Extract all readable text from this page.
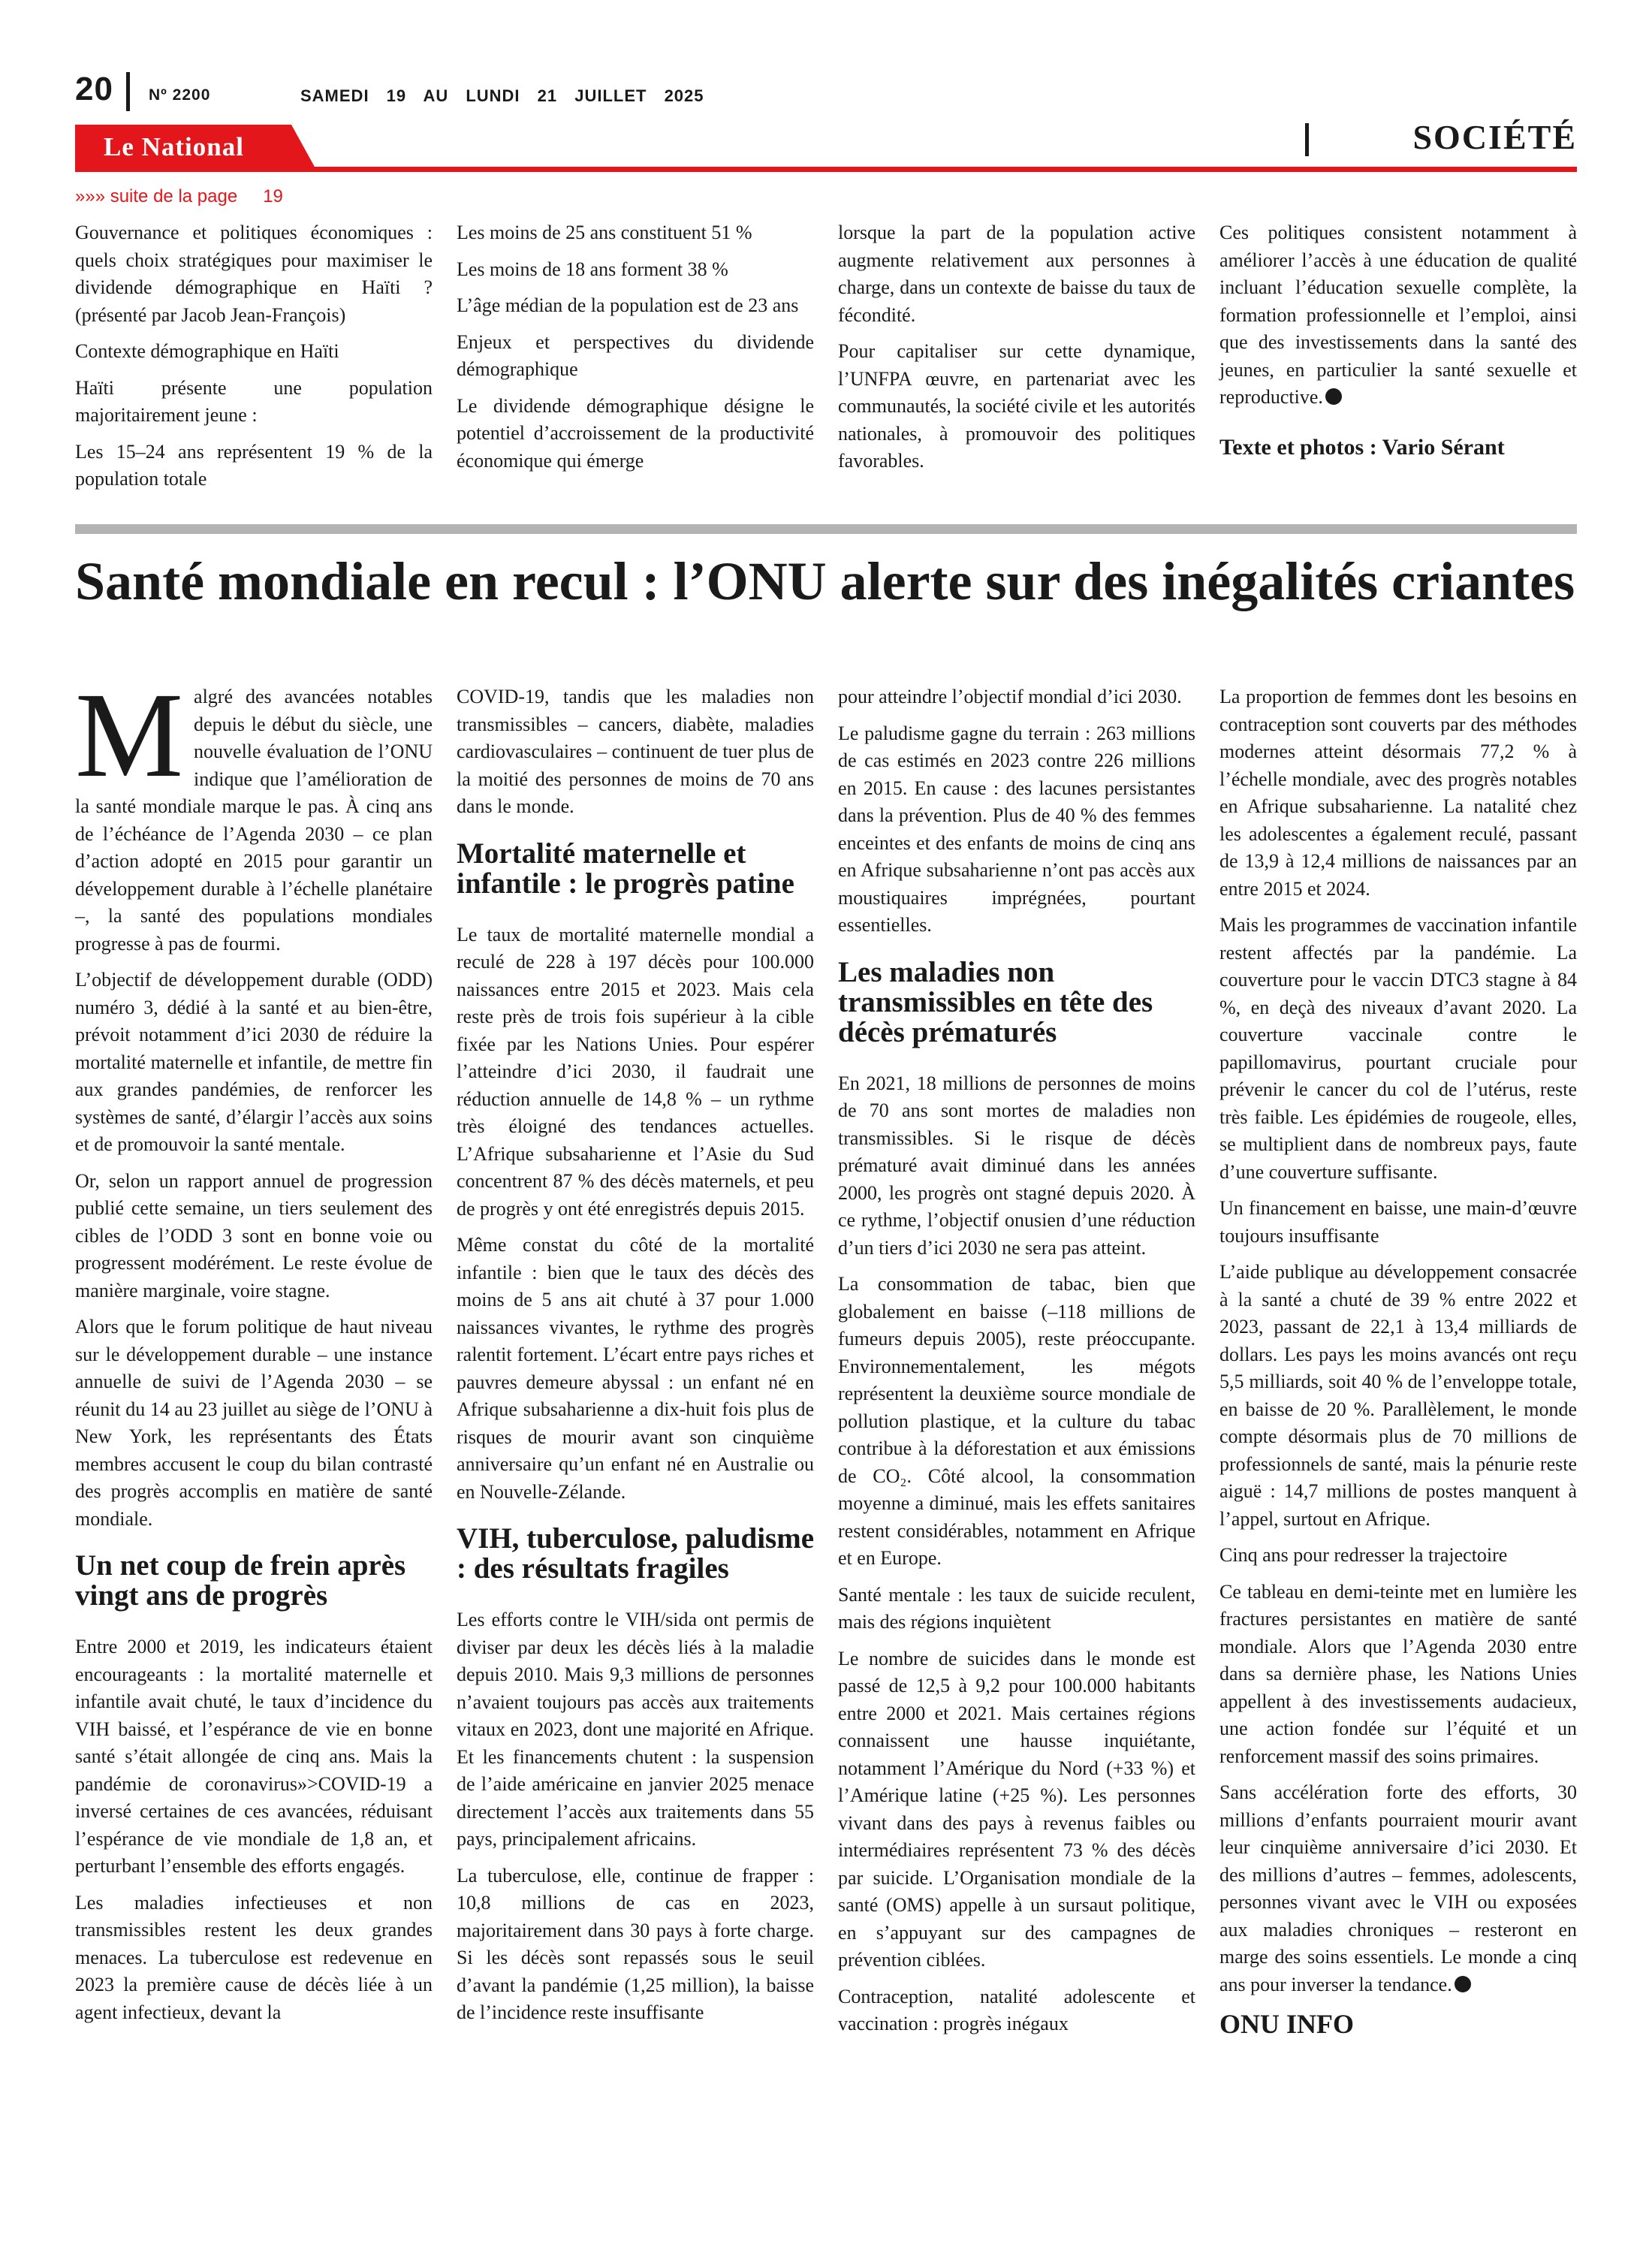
20 Nº 2200	SAMEDI 19 AU LUNDI 21 JUILLET 2025
SOCIÉTÉ
Le National
»»» suite de la page 19

Gouvernance et politiques économiques : quels choix stratégiques pour maximiser le dividende démographique en Haïti ? (présenté par Jacob Jean-François)

Contexte démographique en Haïti

Haïti présente une population majoritairement jeune :

Les 15–24 ans représentent 19 % de la population totale

Les moins de 25 ans constituent 51 %

Les moins de 18 ans forment 38 %

L’âge médian de la population est de 23 ans

Enjeux et perspectives du dividende démographique

Le dividende démographique désigne le potentiel d’accroissement de la productivité économique qui émerge

lorsque la part de la population active augmente relativement aux personnes à charge, dans un contexte de baisse du taux de fécondité.

Pour capitaliser sur cette dynamique, l’UNFPA œuvre, en partenariat avec les communautés, la société civile et les autorités nationales, à promouvoir des politiques favorables.

Ces politiques consistent notamment à améliorer l’accès à une éducation de qualité incluant l’éducation sexuelle complète, la formation professionnelle et l’emploi, ainsi que des investissements dans la santé des jeunes, en particulier la santé sexuelle et reproductive.

Texte et photos : Vario Sérant
Santé mondiale en recul : l’ONU alerte sur des inégalités criantes

Malgré des avancées notables depuis le début du siècle, une nouvelle évaluation de l’ONU indique que l’amélioration de la santé mondiale marque le pas. À cinq ans de l’échéance de l’Agenda 2030 – ce plan d’action adopté en 2015 pour garantir un développement durable à l’échelle planétaire –, la santé des populations mondiales progresse à pas de fourmi.

L’objectif de développement durable (ODD) numéro 3, dédié à la santé et au bien-être, prévoit notamment d’ici 2030 de réduire la mortalité maternelle et infantile, de mettre fin aux grandes pandémies, de renforcer les systèmes de santé, d’élargir l’accès aux soins et de promouvoir la santé mentale.

Or, selon un rapport annuel de progression publié cette semaine, un tiers seulement des cibles de l’ODD 3 sont en bonne voie ou progressent modérément. Le reste évolue de manière marginale, voire stagne.

Alors que le forum politique de haut niveau sur le développement durable – une instance annuelle de suivi de l’Agenda 2030 – se réunit du 14 au 23 juillet au siège de l’ONU à New York, les représentants des États membres accusent le coup du bilan contrasté des progrès accomplis en matière de santé mondiale.

Un net coup de frein après vingt ans de progrès

Entre 2000 et 2019, les indicateurs étaient encourageants : la mortalité maternelle et infantile avait chuté, le taux d’incidence du VIH baissé, et l’espérance de vie en bonne santé s’était allongée de cinq ans. Mais la pandémie de coronavirus»>COVID-19 a inversé certaines de ces avancées, réduisant l’espérance de vie mondiale de 1,8 an, et perturbant l’ensemble des efforts engagés.

Les maladies infectieuses et non transmissibles restent les deux grandes menaces. La tuberculose est redevenue en 2023 la première cause de décès liée à un agent infectieux, devant la

COVID-19, tandis que les maladies non transmissibles – cancers, diabète, maladies cardiovasculaires – continuent de tuer plus de la moitié des personnes de moins de 70 ans dans le monde.

Mortalité maternelle et infantile : le progrès patine

Le taux de mortalité maternelle mondial a reculé de 228 à 197 décès pour 100.000 naissances entre 2015 et 2023. Mais cela reste près de trois fois supérieur à la cible fixée par les Nations Unies. Pour espérer l’atteindre d’ici 2030, il faudrait une réduction annuelle de 14,8 % – un rythme très éloigné des tendances actuelles. L’Afrique subsaharienne et l’Asie du Sud concentrent 87 % des décès maternels, et peu de progrès y ont été enregistrés depuis 2015.

Même constat du côté de la mortalité infantile : bien que le taux des décès des moins de 5 ans ait chuté à 37 pour 1.000 naissances vivantes, le rythme des progrès ralentit fortement. L’écart entre pays riches et pauvres demeure abyssal : un enfant né en Afrique subsaharienne a dix-huit fois plus de risques de mourir avant son cinquième anniversaire qu’un enfant né en Australie ou en Nouvelle-Zélande.

VIH, tuberculose, paludisme : des résultats fragiles

Les efforts contre le VIH/sida ont permis de diviser par deux les décès liés à la maladie depuis 2010. Mais 9,3 millions de personnes n’avaient toujours pas accès aux traitements vitaux en 2023, dont une majorité en Afrique. Et les financements chutent : la suspension de l’aide américaine en janvier 2025 menace directement l’accès aux traitements dans 55 pays, principalement africains.

La tuberculose, elle, continue de frapper : 10,8 millions de cas en 2023, majoritairement dans 30 pays à forte charge. Si les décès sont repassés sous le seuil d’avant la pandémie (1,25 million), la baisse de l’incidence reste insuffisante

pour atteindre l’objectif mondial d’ici 2030.

Le paludisme gagne du terrain : 263 millions de cas estimés en 2023 contre 226 millions en 2015. En cause : des lacunes persistantes dans la prévention. Plus de 40 % des femmes enceintes et des enfants de moins de cinq ans en Afrique subsaharienne n’ont pas accès aux moustiquaires imprégnées, pourtant essentielles.

Les maladies non transmissibles en tête des décès prématurés

En 2021, 18 millions de personnes de moins de 70 ans sont mortes de maladies non transmissibles. Si le risque de décès prématuré avait diminué dans les années 2000, les progrès ont stagné depuis 2020. À ce rythme, l’objectif onusien d’une réduction d’un tiers d’ici 2030 ne sera pas atteint.

La consommation de tabac, bien que globalement en baisse (–118 millions de fumeurs depuis 2005), reste préoccupante. Environnementalement, les mégots représentent la deuxième source mondiale de pollution plastique, et la culture du tabac contribue à la déforestation et aux émissions de CO₂. Côté alcool, la consommation moyenne a diminué, mais les effets sanitaires restent considérables, notamment en Afrique et en Europe.

Santé mentale : les taux de suicide reculent, mais des régions inquiètent

Le nombre de suicides dans le monde est passé de 12,5 à 9,2 pour 100.000 habitants entre 2000 et 2021. Mais certaines régions connaissent une hausse inquiétante, notamment l’Amérique du Nord (+33 %) et l’Amérique latine (+25 %). Les personnes vivant dans des pays à revenus faibles ou intermédiaires représentent 73 % des décès par suicide. L’Organisation mondiale de la santé (OMS) appelle à un sursaut politique, en s’appuyant sur des campagnes de prévention ciblées.

Contraception, natalité adolescente et vaccination : progrès inégaux

La proportion de femmes dont les besoins en contraception sont couverts par des méthodes modernes atteint désormais 77,2 % à l’échelle mondiale, avec des progrès notables en Afrique subsaharienne. La natalité chez les adolescentes a également reculé, passant de 13,9 à 12,4 millions de naissances par an entre 2015 et 2024.

Mais les programmes de vaccination infantile restent affectés par la pandémie. La couverture pour le vaccin DTC3 stagne à 84 %, en deçà des niveaux d’avant 2020. La couverture vaccinale contre le papillomavirus, pourtant cruciale pour prévenir le cancer du col de l’utérus, reste très faible. Les épidémies de rougeole, elles, se multiplient dans de nombreux pays, faute d’une couverture suffisante.

Un financement en baisse, une main-d’œuvre toujours insuffisante

L’aide publique au développement consacrée à la santé a chuté de 39 % entre 2022 et 2023, passant de 22,1 à 13,4 milliards de dollars. Les pays les moins avancés ont reçu 5,5 milliards, soit 40 % de l’enveloppe totale, en baisse de 20 %. Parallèlement, le monde compte désormais plus de 70 millions de professionnels de santé, mais la pénurie reste aiguë : 14,7 millions de postes manquent à l’appel, surtout en Afrique.

Cinq ans pour redresser la trajectoire

Ce tableau en demi-teinte met en lumière les fractures persistantes en matière de santé mondiale. Alors que l’Agenda 2030 entre dans sa dernière phase, les Nations Unies appellent à des investissements audacieux, une action fondée sur l’équité et un renforcement massif des soins primaires.

Sans accélération forte des efforts, 30 millions d’enfants pourraient mourir avant leur cinquième anniversaire d’ici 2030. Et des millions d’autres – femmes, adolescents, personnes vivant avec le VIH ou exposées aux maladies chroniques – resteront en marge des soins essentiels. Le monde a cinq ans pour inverser la tendance.

ONU INFO
